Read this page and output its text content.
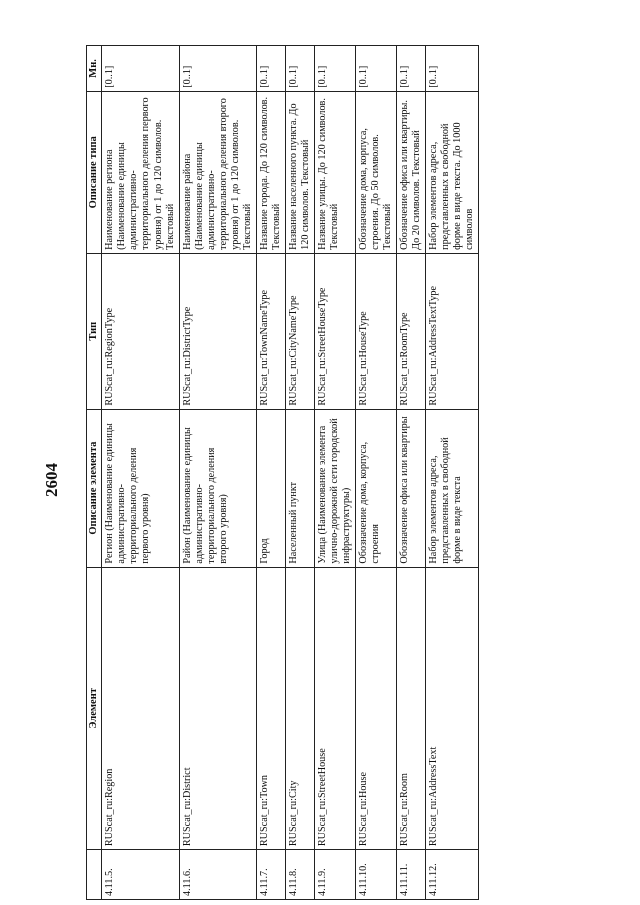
2604
	Элемент	Описание элемента	Тип	Описание типа	Мн.
4.11.5.	RUScat_ru:Region	Регион (Наименование единицы административно-территориального деления первого уровня)	RUScat_ru:RegionType	Наименование региона (Наименование единицы административно-территориального деления первого уровня) от 1 до 120 символов. Текстовый	[0..1]
4.11.6.	RUScat_ru:District	Район (Наименование единицы административно-территориального деления второго уровня)	RUScat_ru:DistrictType	Наименование района (Наименование единицы административно-территориального деления второго уровня) от 1 до 120 символов. Текстовый	[0..1]
4.11.7.	RUScat_ru:Town	Город	RUScat_ru:TownNameType	Название города. До 120 символов. Текстовый	[0..1]
4.11.8.	RUScat_ru:City	Населенный пункт	RUScat_ru:CityNameType	Название населенного пункта. До 120 символов. Текстовый	[0..1]
4.11.9.	RUScat_ru:StreetHouse	Улица (Наименование элемента улично-дорожной сети городской инфраструктуры)	RUScat_ru:StreetHouseType	Название улицы. До 120 символов. Текстовый	[0..1]
4.11.10.	RUScat_ru:House	Обозначение дома, корпуса, строения	RUScat_ru:HouseType	Обозначение дома, корпуса, строения. До 50 символов. Текстовый	[0..1]
4.11.11.	RUScat_ru:Room	Обозначение офиса или квартиры	RUScat_ru:RoomType	Обозначение офиса или квартиры. До 20 символов. Текстовый	[0..1]
4.11.12.	RUScat_ru:AddressText	Набор элементов адреса, представленных в свободной форме в виде текста	RUScat_ru:AddressTextType	Набор элементов адреса, представленных в свободной форме в виде текста. До 1000 символов	[0..1]
